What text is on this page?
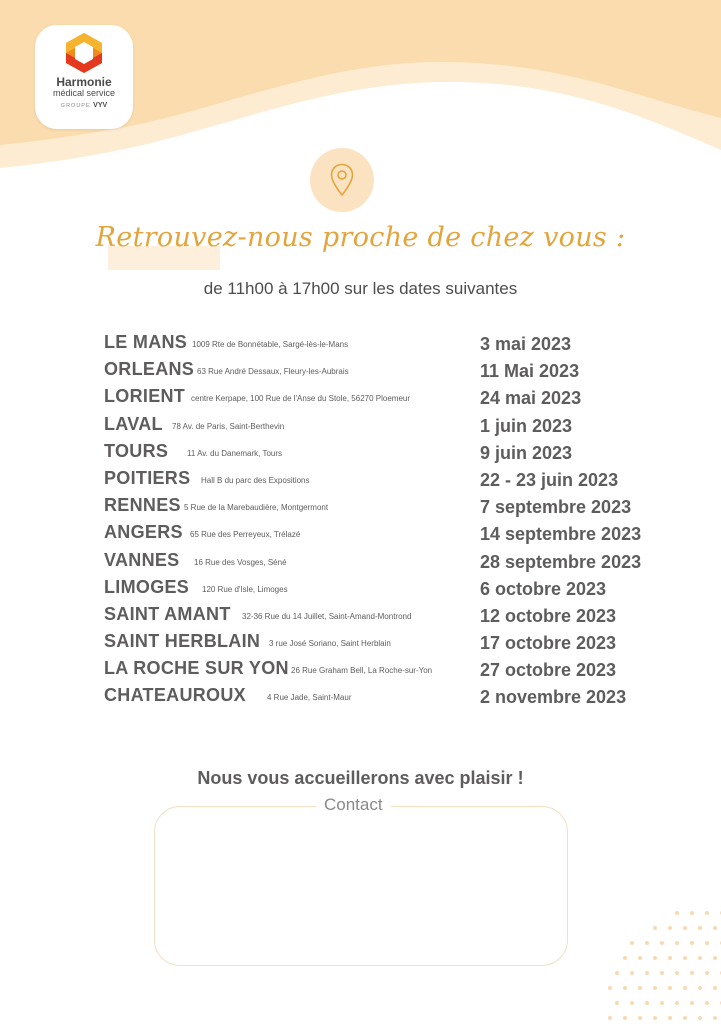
Harmonie
médical service
GROUPE VYV
Retrouvez-nous proche de chez vous :
de 11h00 à 17h00 sur les dates suivantes
LE MANS 1009 Rte de Bonnétable, Sargé-lès-le-Mans	3 mai 2023
ORLEANS 63 Rue André Dessaux, Fleury-les-Aubrais	11 Mai 2023
LORIENT centre Kerpape, 100 Rue de l'Anse du Stole, 56270 Ploemeur	24 mai 2023
LAVAL 78 Av. de Paris, Saint-Berthevin	1 juin 2023
TOURS 11 Av. du Danemark, Tours	9 juin 2023
POITIERS Hall B du parc des Expositions	22 - 23 juin 2023
RENNES 5 Rue de la Marebaudière, Montgermont	7 septembre 2023
ANGERS 65 Rue des Perreyeux, Trélazé	14 septembre 2023
VANNES 16 Rue des Vosges, Séné	28 septembre 2023
LIMOGES 120 Rue d'Isle, Limoges	6 octobre 2023
SAINT AMANT 32-36 Rue du 14 Juillet, Saint-Amand-Montrond	12 octobre 2023
SAINT HERBLAIN 3 rue José Soriano, Saint Herblain	17 octobre 2023
LA ROCHE SUR YON 26 Rue Graham Bell, La Roche-sur-Yon	27 octobre 2023
CHATEAUROUX	4 Rue Jade, Saint-Maur	2 novembre 2023
Nous vous accueillerons avec plaisir !
Contact
